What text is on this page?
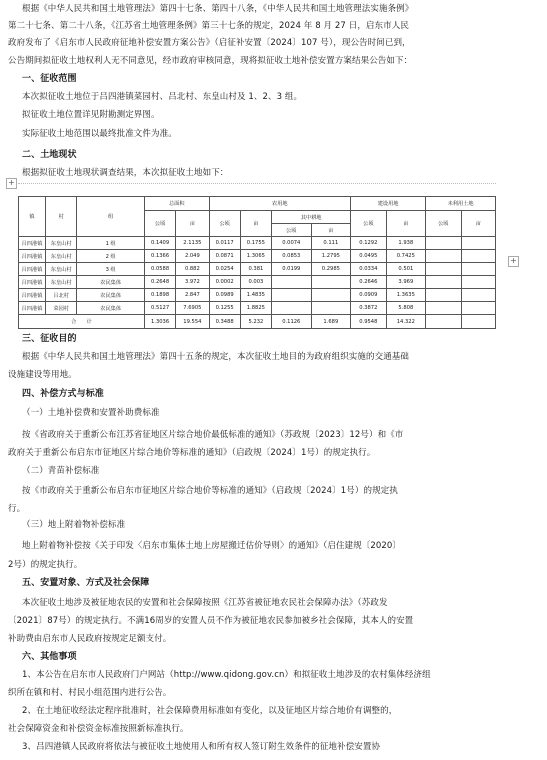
根据《中华人民共和国土地管理法》第四十七条、第四十八条，《中华人民共和国土地管理法实施条例》

第二十七条、第二十八条，《江苏省土地管理条例》第三十七条的规定，2024 年 8 月 27 日，启东市人民

政府发布了《启东市人民政府征地补偿安置方案公告》（启征补安置〔2024〕107 号），现公告时间已到，

公告期间拟征收土地权利人无不同意见，经市政府审核同意，现将拟征收土地补偿安置方案结果公告如下：

一、征收范围

本次拟征收土地位于吕四港镇菜园村、吕北村、东皇山村及 1、2、3 组。

拟征收土地位置详见附勘测定界图。

实际征收土地范围以最终批准文件为准。

二、土地现状

根据拟征收土地现状调查结果，本次拟征收土地如下：

+
+
镇	村	组	总面积		农用地				建设用地		未利用土地	
			公顷	亩	公顷	亩	其中耕地		公顷	亩	公顷	亩
							公顷	亩				
吕四港镇	东皇山村	1 组	0.1409	2.1135	0.0117	0.1755	0.0074	0.111	0.1292	1.938		
吕四港镇	东皇山村	2 组	0.1366	2.049	0.0871	1.3065	0.0853	1.2795	0.0495	0.7425		
吕四港镇	东皇山村	3 组	0.0588	0.882	0.0254	0.381	0.0199	0.2985	0.0334	0.501		
吕四港镇	东皇山村	农民集体	0.2648	3.972	0.0002	0.003			0.2646	3.969		
吕四港镇	吕北村	农民集体	0.1898	2.847	0.0989	1.4835			0.0909	1.3635		
吕四港镇	菜园村	农民集体	0.5127	7.6905	0.1255	1.8825			0.3872	5.808		
合　　计			1.3036	19.554	0.3488	5.232	0.1126	1.689	0.9548	14.322		

三、征收目的

根据《中华人民共和国土地管理法》第四十五条的规定，本次征收土地目的为政府组织实施的交通基础

设施建设等用地。

四、补偿方式与标准

（一）土地补偿费和安置补助费标准

按《省政府关于重新公布江苏省征地区片综合地价最低标准的通知》（苏政规〔2023〕12号）和《市

政府关于重新公布启东市征地区片综合地价等标准的通知》（启政规〔2024〕1号）的规定执行。

（二）青苗补偿标准

按《市政府关于重新公布启东市征地区片综合地价等标准的通知》（启政规〔2024〕1号）的规定执

行。

（三）地上附着物补偿标准

地上附着物补偿按《关于印发〈启东市集体土地上房屋搬迁估价导则〉的通知》（启住建规〔2020〕

2号）的规定执行。

五、安置对象、方式及社会保障

本次征收土地涉及被征地农民的安置和社会保障按照《江苏省被征地农民社会保障办法》（苏政发

〔2021〕87号）的规定执行。不满16周岁的安置人员不作为被征地农民参加被乡社会保障，其本人的安置

补助费由启东市人民政府按规定足额支付。

六、其他事项

1、本公告在启东市人民政府门户网站（http://www.qidong.gov.cn）和拟征收土地涉及的农村集体经济组

织所在镇和村、村民小组范围内进行公告。

2、在土地征收经法定程序批准时，社会保障费用标准如有变化，以及征地区片综合地价有调整的，

社会保障资金和补偿资金标准按照新标准执行。

3、吕四港镇人民政府将依法与被征收土地使用人和所有权人签订附生效条件的征地补偿安置协
